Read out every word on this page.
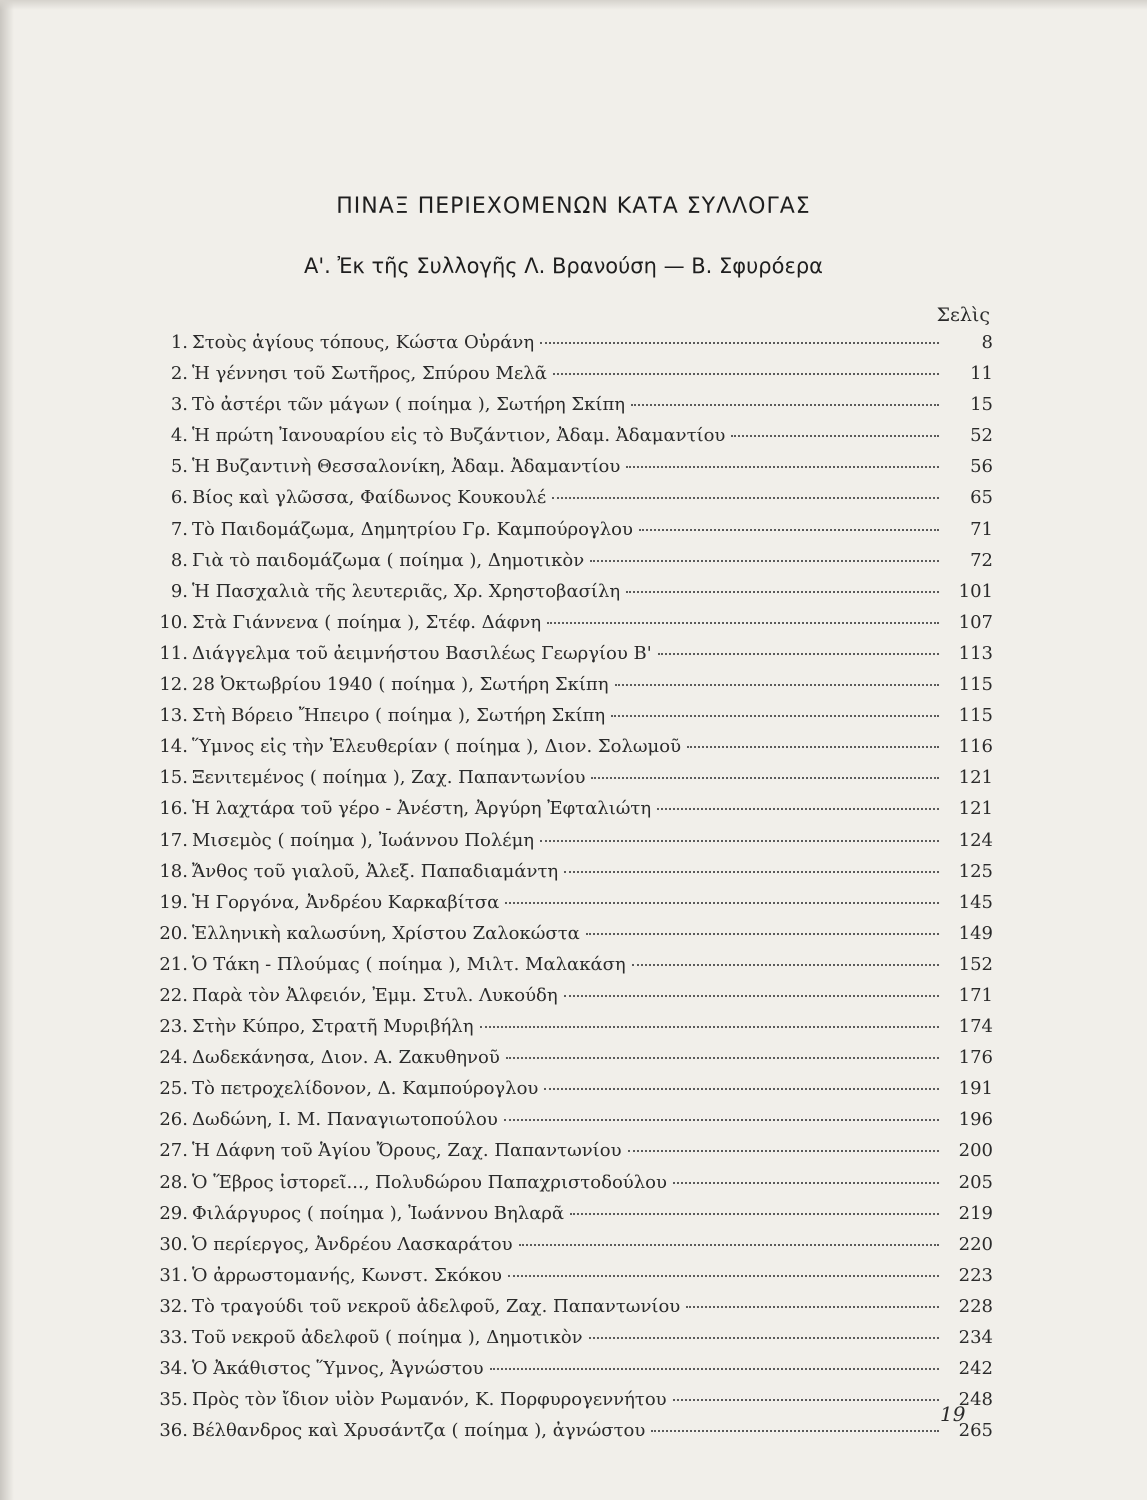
ΠΙΝΑΞ ΠΕΡΙΕΧΟΜΕΝΩΝ ΚΑΤΑ ΣΥΛΛΟΓΑΣ
Α'. Ἐκ τῆς Συλλογῆς Λ. Βρανούση — Β. Σφυρόερα
Σελὶς
1. Στοὺς ἁγίους τόπους, Κώστα Οὐράνη	8
2. Ἡ γέννησι τοῦ Σωτῆρος, Σπύρου Μελᾶ	11
3. Τὸ ἀστέρι τῶν μάγων ( ποίημα ), Σωτήρη Σκίπη	15
4. Ἡ πρώτη Ἰανουαρίου εἰς τὸ Βυζάντιον, Ἀδαμ. Ἀδαμαντίου	52
5. Ἡ Βυζαντινὴ Θεσσαλονίκη, Ἀδαμ. Ἀδαμαντίου	56
6. Βίος καὶ γλῶσσα, Φαίδωνος Κουκουλέ	65
7. Τὸ Παιδομάζωμα, Δημητρίου Γρ. Καμπούρογλου	71
8. Γιὰ τὸ παιδομάζωμα ( ποίημα ), Δημοτικὸν	72
9. Ἡ Πασχαλιὰ τῆς λευτεριᾶς, Χρ. Χρηστοβασίλη	101
10. Στὰ Γιάννενα ( ποίημα ), Στέφ. Δάφνη	107
11. Διάγγελμα τοῦ ἀειμνήστου Βασιλέως Γεωργίου Β'	113
12. 28 Ὀκτωβρίου 1940 ( ποίημα ), Σωτήρη Σκίπη	115
13. Στὴ Βόρειο Ἤπειρο ( ποίημα ), Σωτήρη Σκίπη	115
14. Ὕμνος εἰς τὴν Ἐλευθερίαν ( ποίημα ), Διον. Σολωμοῦ	116
15. Ξενιτεμένος ( ποίημα ), Ζαχ. Παπαντωνίου	121
16. Ἡ λαχτάρα τοῦ γέρο - Ἀνέστη, Ἀργύρη Ἐφταλιώτη	121
17. Μισεμὸς ( ποίημα ), Ἰωάννου Πολέμη	124
18. Ἄνθος τοῦ γιαλοῦ, Ἀλεξ. Παπαδιαμάντη	125
19. Ἡ Γοργόνα, Ἀνδρέου Καρκαβίτσα	145
20. Ἑλληνικὴ καλωσύνη, Χρίστου Ζαλοκώστα	149
21. Ὁ Τάκη - Πλούμας ( ποίημα ), Μιλτ. Μαλακάση	152
22. Παρὰ τὸν Ἀλφειόν, Ἐμμ. Στυλ. Λυκούδη	171
23. Στὴν Κύπρο, Στρατῆ Μυριβήλη	174
24. Δωδεκάνησα, Διον. Α. Ζακυθηνοῦ	176
25. Τὸ πετροχελίδονον, Δ. Καμπούρογλου	191
26. Δωδώνη, Ι. Μ. Παναγιωτοπούλου	196
27. Ἡ Δάφνη τοῦ Ἁγίου Ὄρους, Ζαχ. Παπαντωνίου	200
28. Ὁ Ἕβρος ἱστορεῖ..., Πολυδώρου Παπαχριστοδούλου	205
29. Φιλάργυρος ( ποίημα ), Ἰωάννου Βηλαρᾶ	219
30. Ὁ περίεργος, Ἀνδρέου Λασκαράτου	220
31. Ὁ ἀρρωστομανής, Κωνστ. Σκόκου	223
32. Τὸ τραγούδι τοῦ νεκροῦ ἀδελφοῦ, Ζαχ. Παπαντωνίου	228
33. Τοῦ νεκροῦ ἀδελφοῦ ( ποίημα ), Δημοτικὸν	234
34. Ὁ Ἀκάθιστος Ὕμνος, Ἀγνώστου	242
35. Πρὸς τὸν ἴδιον υἱὸν Ρωμανόν, Κ. Πορφυρογεννήτου	248
36. Βέλθανδρος καὶ Χρυσάντζα ( ποίημα ), ἀγνώστου	265
19
